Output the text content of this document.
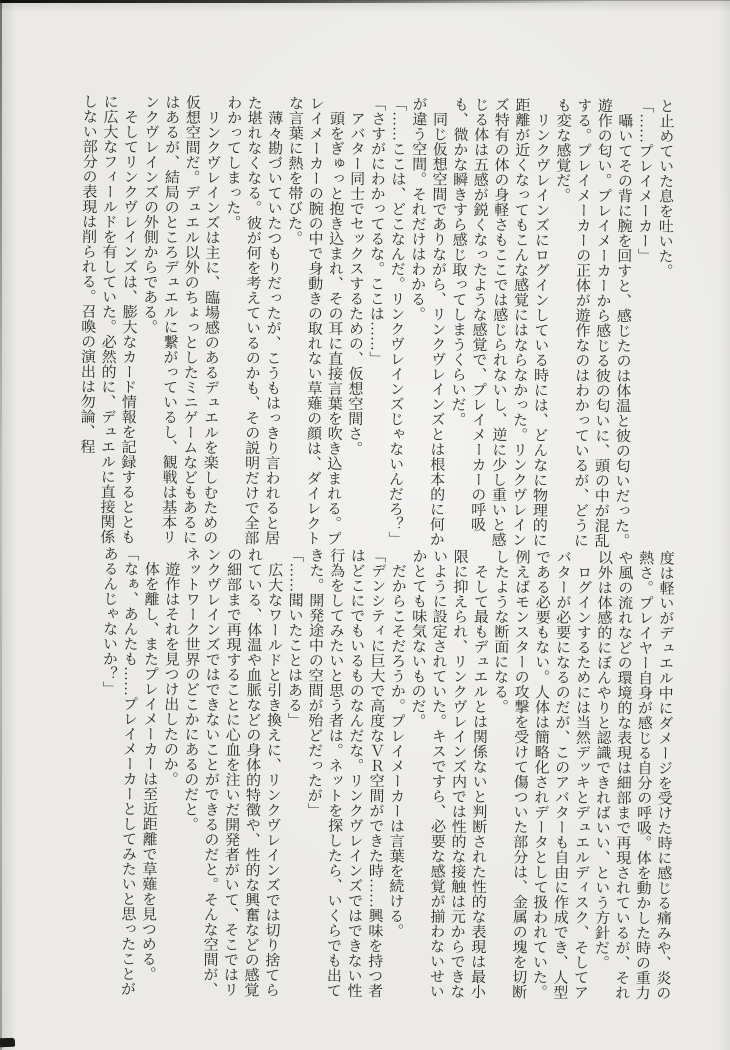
と止めていた息を吐いた。

「……プレイメーカー」

囁いてその背に腕を回すと、感じたのは体温と彼の匂いだった。遊作の匂い。プレイメーカーから感じる彼の匂いに、頭の中が混乱する。プレイメーカーの正体が遊作なのはわかっているが、どうにも変な感覚だ。

リンクヴレインズにログインしている時には、どんなに物理的に距離が近くなってもこんな感覚にはならなかった。リンクヴレインズ特有の体の身軽さもここでは感じられないし、逆に少し重いと感じる体は五感が鋭くなったような感覚で、プレイメーカーの呼吸も、微かな瞬きすら感じ取ってしまうくらいだ。

同じ仮想空間でありながら、リンクヴレインズとは根本的に何かが違う空間。それだけはわかる。

「……ここは、どこなんだ。リンクヴレインズじゃないんだろ？」

「さすがにわかってるな。ここは……」

アバター同士でセックスするための、仮想空間さ。

頭をぎゅっと抱き込まれ、その耳に直接言葉を吹き込まれる。プレイメーカーの腕の中で身動きの取れない草薙の顔は、ダイレクトな言葉に熱を帯びた。

薄々勘づいていたつもりだったが、こうもはっきり言われると居た堪れなくなる。彼が何を考えているのかも、その説明だけで全部わかってしまった。

リンクヴレインズは主に、臨場感のあるデュエルを楽しむための仮想空間だ。デュエル以外のちょっとしたミニゲームなどもあるにはあるが、結局のところデュエルに繋がっているし、観戦は基本リンクヴレインズの外側からである。

そしてリンクヴレインズは、膨大なカード情報を記録するとともに広大なフィールドを有していた。必然的に、デュエルに直接関係しない部分の表現は削られる。召喚の演出は勿論、程

度は軽いがデュエル中にダメージを受けた時に感じる痛みや、炎の熱さ。プレイヤー自身が感じる自分の呼吸。体を動かした時の重力や風の流れなどの環境的な表現は細部まで再現されているが、それ以外は体感的にぼんやりと認識できればいい、という方針だ。

ログインするためには当然デッキとデュエルディスク、そしてアバターが必要になるのだが、このアバターも自由に作成でき、人型である必要もない。人体は簡略化されデータとして扱われていた。例えばモンスターの攻撃を受けて傷ついた部分は、金属の塊を切断したような断面になる。

そして最もデュエルとは関係ないと判断された性的な表現は最小限に抑えられ、リンクヴレインズ内では性的な接触は元からできないように設定されていた。キスですら、必要な感覚が揃わないせいかとても味気ないものだ。

だからこそだろうか。プレイメーカーは言葉を続ける。

「デンシティに巨大で高度なＶＲ空間ができた時……興味を持つ者はどこにでもいるものなんだな。リンクヴレインズではできない性行為をしてみたいと思う者は。ネットを探したら、いくらでも出てきた。開発途中の空間が殆どだったが」

「……聞いたことはある」

広大なワールドと引き換えに、リンクヴレインズでは切り捨てられている、体温や血脈などの身体的特徴や、性的な興奮などの感覚の細部まで再現することに心血を注いだ開発者がいて、そこではリンクヴレインズではできないことができるのだと。そんな空間が、ネットワーク世界のどこかにあるのだと。

遊作はそれを見つけ出したのか。

体を離し、またプレイメーカーは至近距離で草薙を見つめる。

「なぁ、あんたも……プレイメーカーとしてみたいと思ったことがあるんじゃないか？」
